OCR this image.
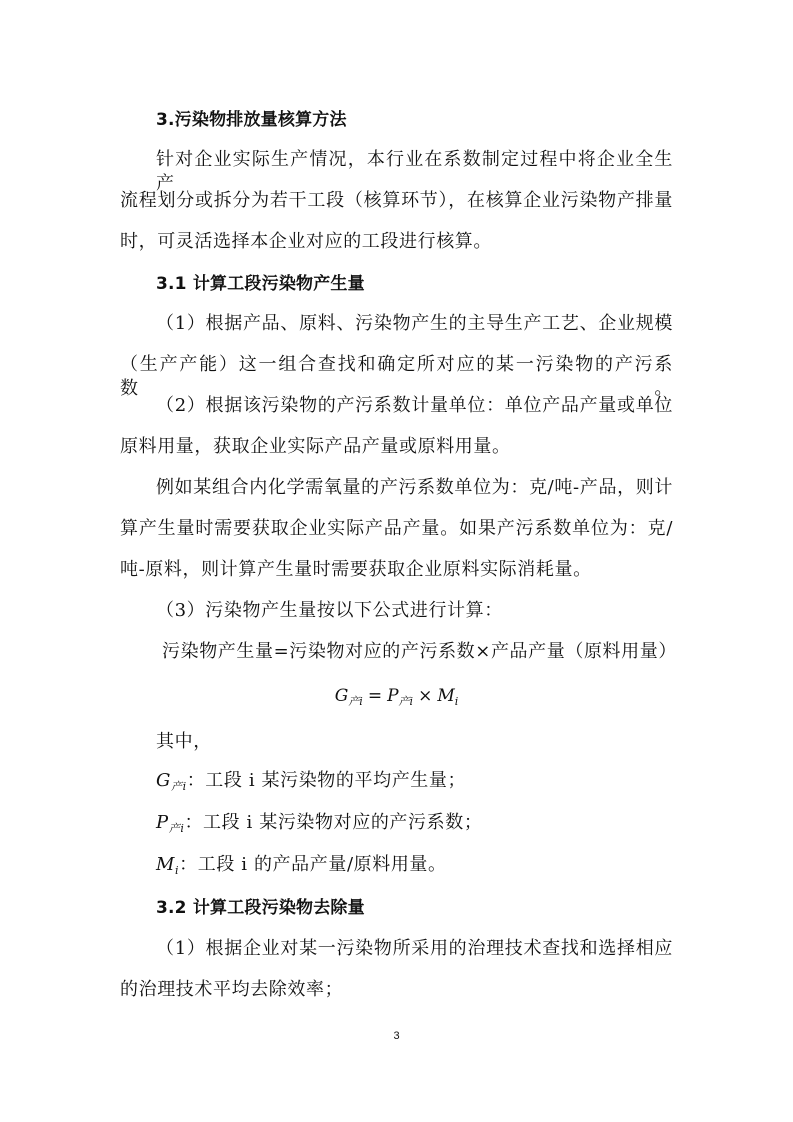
3.污染物排放量核算方法
针对企业实际生产情况，本行业在系数制定过程中将企业全生产
流程划分或拆分为若干工段（核算环节），在核算企业污染物产排量
时，可灵活选择本企业对应的工段进行核算。
3.1 计算工段污染物产生量
（1）根据产品、原料、污染物产生的主导生产工艺、企业规模
（生产产能）这一组合查找和确定所对应的某一污染物的产污系数。
（2）根据该污染物的产污系数计量单位：单位产品产量或单位
原料用量，获取企业实际产品产量或原料用量。
例如某组合内化学需氧量的产污系数单位为：克/吨-产品，则计
算产生量时需要获取企业实际产品产量。如果产污系数单位为：克/
吨-原料，则计算产生量时需要获取企业原料实际消耗量。
（3）污染物产生量按以下公式进行计算：
污染物产生量=污染物对应的产污系数×产品产量（原料用量）
$G_{产i} = P_{产i} \times M_i$
其中，
$G_{产i}$：工段 i 某污染物的平均产生量；
$P_{产i}$：工段 i 某污染物对应的产污系数；
$M_i$：工段 i 的产品产量/原料用量。
3.2 计算工段污染物去除量
（1）根据企业对某一污染物所采用的治理技术查找和选择相应
的治理技术平均去除效率；
3
